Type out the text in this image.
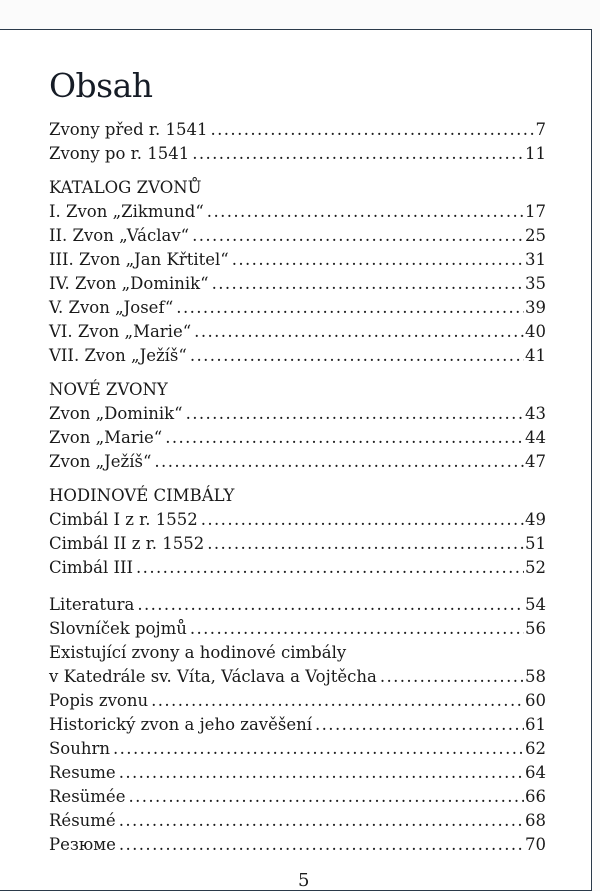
Obsah
Zvony před r. 1541 .....	7
Zvony po r. 1541 .....	11
KATALOG ZVONŮ
I. Zvon „Zikmund“ .....	17
II. Zvon „Václav“ .....	25
III. Zvon „Jan Křtitel“ .....	31
IV. Zvon „Dominik“ .....	35
V. Zvon „Josef“ .....	39
VI. Zvon „Marie“ .....	40
VII. Zvon „Ježíš“ .....	41
NOVÉ ZVONY
Zvon „Dominik“ .....	43
Zvon „Marie“ .....	44
Zvon „Ježíš“ .....	47
HODINOVÉ CIMBÁLY
Cimbál I z r. 1552 .....	49
Cimbál II z r. 1552 .....	51
Cimbál III .....	52
Literatura .....	54
Slovníček pojmů .....	56
Existující zvony a hodinové cimbály
v Katedrále sv. Víta, Václava a Vojtěcha .....	58
Popis zvonu .....	60
Historický zvon a jeho zavěšení .....	61
Souhrn .....	62
Resume .....	64
Resümée .....	66
Résumé .....	68
Резюме .....	70
5
